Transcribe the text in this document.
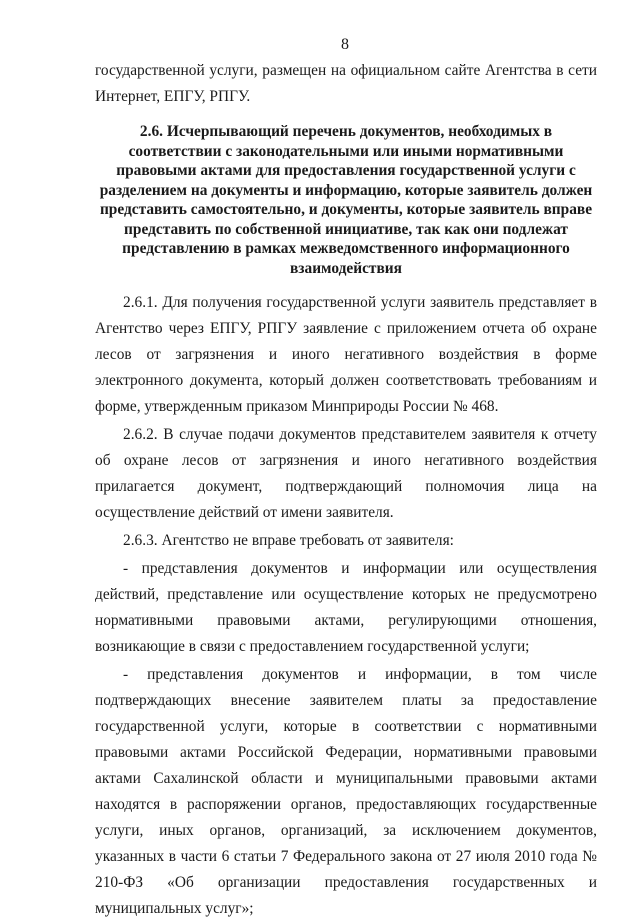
8

государственной услуги, размещен на официальном сайте Агентства в сети Интернет, ЕПГУ, РПГУ.

2.6. Исчерпывающий перечень документов, необходимых в соответствии с законодательными или иными нормативными правовыми актами для предоставления государственной услуги с разделением на документы и информацию, которые заявитель должен представить самостоятельно, и документы, которые заявитель вправе представить по собственной инициативе, так как они подлежат представлению в рамках межведомственного информационного взаимодействия

2.6.1. Для получения государственной услуги заявитель представляет в Агентство через ЕПГУ, РПГУ заявление с приложением отчета об охране лесов от загрязнения и иного негативного воздействия в форме электронного документа, который должен соответствовать требованиям и форме, утвержденным приказом Минприроды России № 468.

2.6.2. В случае подачи документов представителем заявителя к отчету об охране лесов от загрязнения и иного негативного воздействия прилагается документ, подтверждающий полномочия лица на осуществление действий от имени заявителя.

2.6.3. Агентство не вправе требовать от заявителя:

- представления документов и информации или осуществления действий, представление или осуществление которых не предусмотрено нормативными правовыми актами, регулирующими отношения, возникающие в связи с предоставлением государственной услуги;

- представления документов и информации, в том числе подтверждающих внесение заявителем платы за предоставление государственной услуги, которые в соответствии с нормативными правовыми актами Российской Федерации, нормативными правовыми актами Сахалинской области и муниципальными правовыми актами находятся в распоряжении органов, предоставляющих государственные услуги, иных органов, организаций, за исключением документов, указанных в части 6 статьи 7 Федерального закона от 27 июля 2010 года № 210-ФЗ «Об организации предоставления государственных и муниципальных услуг»;
